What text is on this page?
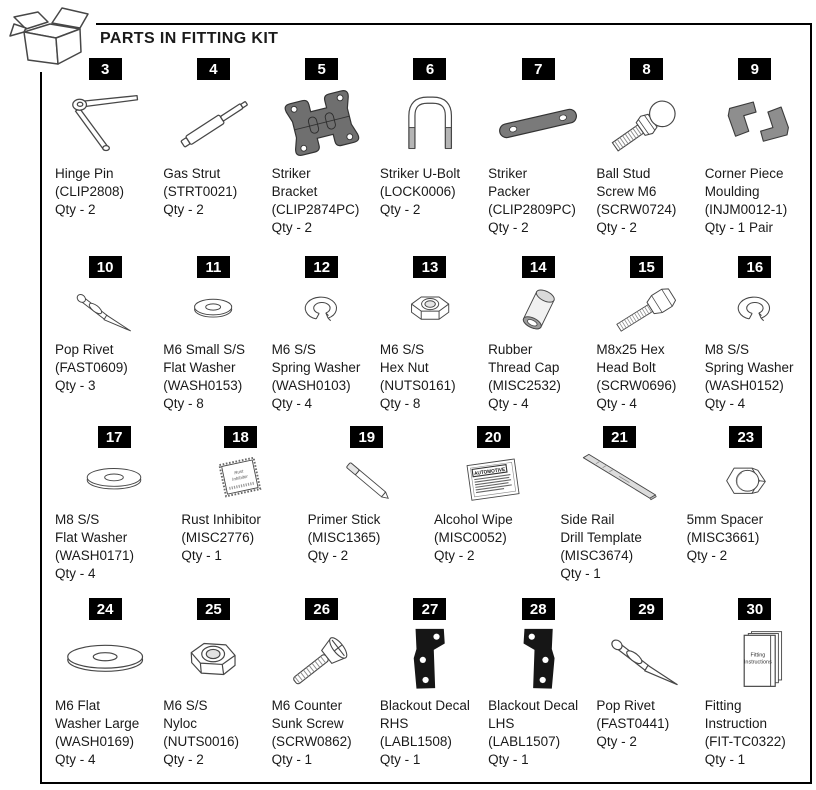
PARTS IN FITTING KIT
3
Hinge Pin
(CLIP2808)
Qty - 2
4
Gas Strut
(STRT0021)
Qty - 2
5
Striker
Bracket
(CLIP2874PC)
Qty - 2
6
Striker U-Bolt
(LOCK0006)
Qty - 2
7
Striker
Packer
(CLIP2809PC)
Qty - 2
8
Ball Stud
Screw M6
(SCRW0724)
Qty - 2
9
Corner Piece
Moulding
(INJM0012-1)
Qty - 1 Pair
10
Pop Rivet
(FAST0609)
Qty - 3
11
M6 Small S/S
Flat Washer
(WASH0153)
Qty - 8
12
M6 S/S
Spring Washer
(WASH0103)
Qty - 4
13
M6 S/S
Hex Nut
(NUTS0161)
Qty - 8
14
Rubber
Thread Cap
(MISC2532)
Qty - 4
15
M8x25 Hex
Head Bolt
(SCRW0696)
Qty - 4
16
M8 S/S
Spring Washer
(WASH0152)
Qty - 4
17
M8 S/S
Flat Washer
(WASH0171)
Qty - 4
18
Rust
Inhibitor
Rust Inhibitor
(MISC2776)
Qty - 1
19
Primer Stick
(MISC1365)
Qty - 2
20
AUTOMOTIVE
Alcohol Wipe
(MISC0052)
Qty - 2
21
Side Rail
Drill Template
(MISC3674)
Qty - 1
23
5mm Spacer
(MISC3661)
Qty - 2
24
M6 Flat
Washer Large
(WASH0169)
Qty - 4
25
M6 S/S
Nyloc
(NUTS0016)
Qty - 2
26
M6 Counter
Sunk Screw
(SCRW0862)
Qty - 1
27
Blackout Decal
RHS
(LABL1508)
Qty - 1
28
Blackout Decal
LHS
(LABL1507)
Qty - 1
29
Pop Rivet
(FAST0441)
Qty - 2
30
Fitting
Instructions
Fitting
Instruction
(FIT-TC0322)
Qty - 1
